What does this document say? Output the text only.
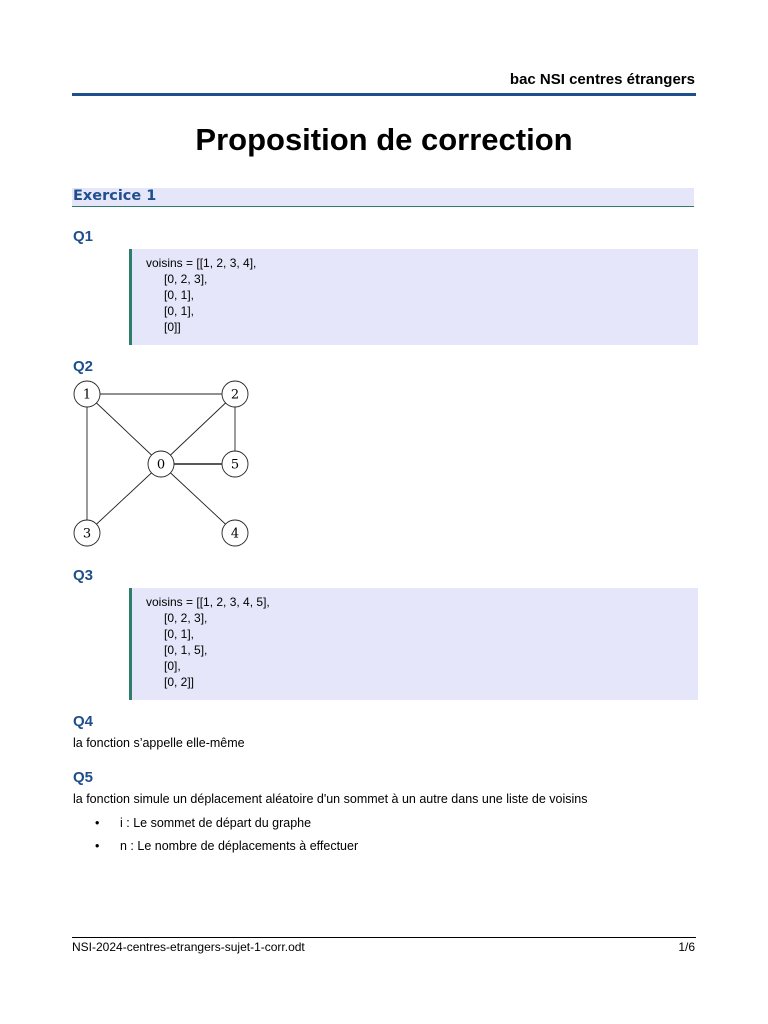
bac NSI centres étrangers
Proposition de correction
Exercice 1
Q1
voisins = [[1, 2, 3, 4],
[0, 2, 3],
[0, 1],
[0, 1],
[0]]
Q2
1	2
0	5
3	4
Q3
voisins = [[1, 2, 3, 4, 5],
[0, 2, 3],
[0, 1],
[0, 1, 5],
[0],
[0, 2]]
Q4
la fonction s’appelle elle-même
Q5
la fonction simule un déplacement aléatoire d'un sommet à un autre dans une liste de voisins
• i : Le sommet de départ du graphe
• n : Le nombre de déplacements à effectuer
NSI-2024-centres-etrangers-sujet-1-corr.odt	1/6
